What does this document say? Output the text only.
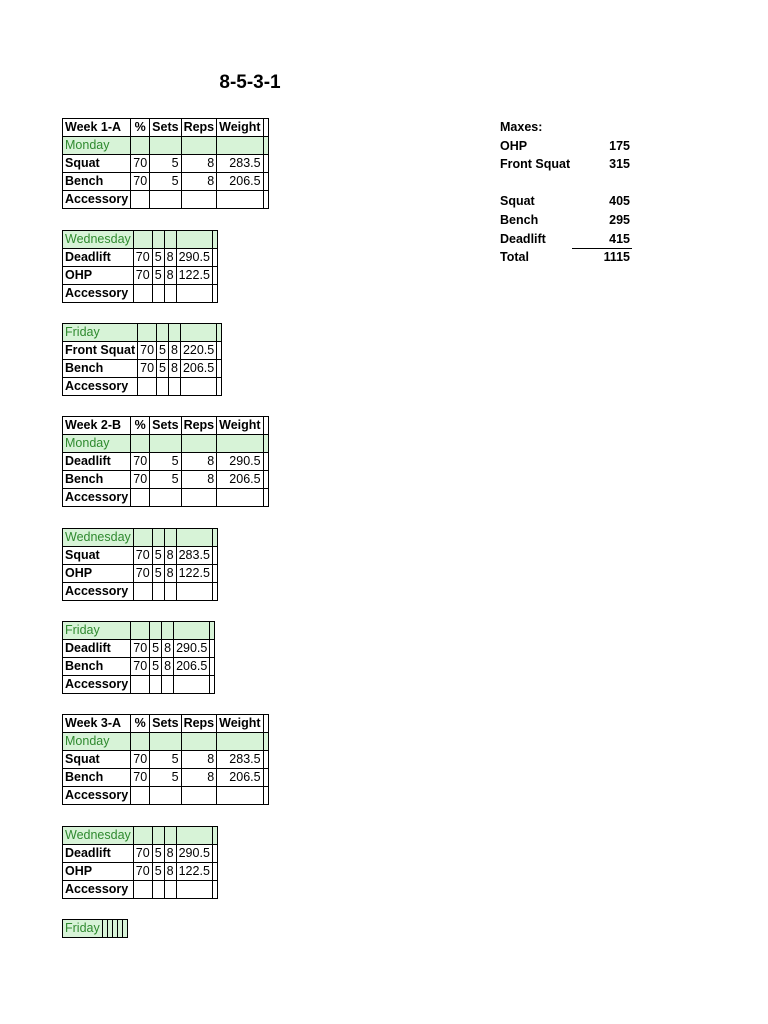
8-5-3-1
Week 1-A	%	Sets	Reps	Weight	
Monday					
Squat	70	5	8	283.5	
Bench	70	5	8	206.5	
Accessory					
Wednesday					
Deadlift	70	5	8	290.5	
OHP	70	5	8	122.5	
Accessory					
Friday					
Front Squat	70	5	8	220.5	
Bench	70	5	8	206.5	
Accessory					
Week 2-B	%	Sets	Reps	Weight	
Monday					
Deadlift	70	5	8	290.5	
Bench	70	5	8	206.5	
Accessory					
Wednesday					
Squat	70	5	8	283.5	
OHP	70	5	8	122.5	
Accessory					
Friday					
Deadlift	70	5	8	290.5	
Bench	70	5	8	206.5	
Accessory					
Week 3-A	%	Sets	Reps	Weight	
Monday					
Squat	70	5	8	283.5	
Bench	70	5	8	206.5	
Accessory					
Wednesday					
Deadlift	70	5	8	290.5	
OHP	70	5	8	122.5	
Accessory					
Friday					
Maxes:
OHP	175
Front Squat	315
Squat	405
Bench	295
Deadlift	415
Total	1115
